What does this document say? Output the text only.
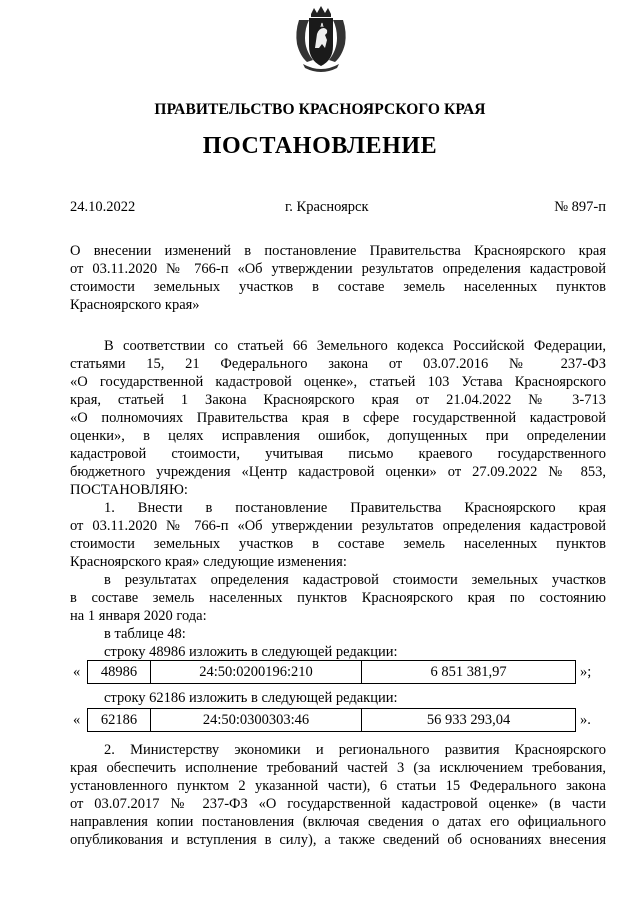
ПРАВИТЕЛЬСТВО КРАСНОЯРСКОГО КРАЯ
ПОСТАНОВЛЕНИЕ
24.10.2022	г. Красноярск	№ 897-п
О внесении изменений в постановление Правительства Красноярского края
от 03.11.2020 № 766-п «Об утверждении результатов определения кадастровой
стоимости земельных участков в составе земель населенных пунктов
Красноярского края»
В соответствии со статьей 66 Земельного кодекса Российской Федерации,
статьями 15, 21 Федерального закона от 03.07.2016 № 237-ФЗ
«О государственной кадастровой оценке», статьей 103 Устава Красноярского
края, статьей 1 Закона Красноярского края от 21.04.2022 № 3-713
«О полномочиях Правительства края в сфере государственной кадастровой
оценки», в целях исправления ошибок, допущенных при определении
кадастровой стоимости, учитывая письмо краевого государственного
бюджетного учреждения «Центр кадастровой оценки» от 27.09.2022 № 853,
ПОСТАНОВЛЯЮ:
1. Внести в постановление Правительства Красноярского края
от 03.11.2020 № 766-п «Об утверждении результатов определения кадастровой
стоимости земельных участков в составе земель населенных пунктов
Красноярского края» следующие изменения:
в результатах определения кадастровой стоимости земельных участков
в составе земель населенных пунктов Красноярского края по состоянию
на 1 января 2020 года:
в таблице 48:
строку 48986 изложить в следующей редакции:
«	48986	24:50:0200196:210	6 851 381,97	»;
строку 62186 изложить в следующей редакции:
«	62186	24:50:0300303:46	56 933 293,04	».
2. Министерству экономики и регионального развития Красноярского
края обеспечить исполнение требований частей 3 (за исключением требования,
установленного пунктом 2 указанной части), 6 статьи 15 Федерального закона
от 03.07.2017 № 237-ФЗ «О государственной кадастровой оценке» (в части
направления копии постановления (включая сведения о датах его официального
опубликования и вступления в силу), а также сведений об основаниях внесения
